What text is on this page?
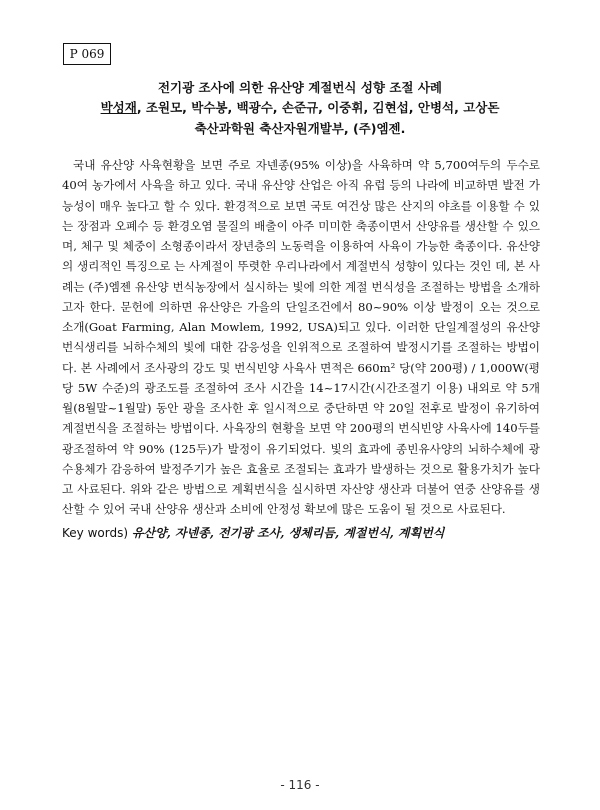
P 069
전기광 조사에 의한 유산양 계절번식 성향 조절 사례
박성재, 조원모, 박수봉, 백광수, 손준규, 이중휘, 김현섭, 안병석, 고상돈
축산과학원 축산자원개발부, (주)엠젠.

국내 유산양 사육현황을 보면 주로 자넨종(95% 이상)을 사육하며 약 5,700여두의 두수로 40여 농가에서 사육을 하고 있다. 국내 유산양 산업은 아직 유럽 등의 나라에 비교하면 발전 가능성이 매우 높다고 할 수 있다. 환경적으로 보면 국토 여건상 많은 산지의 야초를 이용할 수 있는 장점과 오폐수 등 환경오염 물질의 배출이 아주 미미한 축종이면서 산양유를 생산할 수 있으며, 체구 및 체중이 소형종이라서 장년층의 노동력을 이용하여 사육이 가능한 축종이다. 유산양의 생리적인 특징으로 는 사계절이 뚜렷한 우리나라에서 계절번식 성향이 있다는 것인 데, 본 사례는 (주)엠젠 유산양 번식농장에서 실시하는 빛에 의한 계절 번식성을 조절하는 방법을 소개하고자 한다. 문헌에 의하면 유산양은 가을의 단일조건에서 80~90% 이상 발정이 오는 것으로 소개(Goat Farming, Alan Mowlem, 1992, USA)되고 있다. 이러한 단일계절성의 유산양 번식생리를 뇌하수체의 빛에 대한 감응성을 인위적으로 조절하여 발정시기를 조절하는 방법이다. 본 사례에서 조사광의 강도 및 번식빈양 사육사 면적은 660m² 당(약 200평) / 1,000W(평당 5W 수준)의 광조도를 조절하여 조사 시간을 14~17시간(시간조절기 이용) 내외로 약 5개월(8월말~1월말) 동안 광을 조사한 후 일시적으로 중단하면 약 20일 전후로 발정이 유기하여 계절번식을 조절하는 방법이다. 사육장의 현황을 보면 약 200평의 번식빈양 사육사에 140두를 광조절하여 약 90% (125두)가 발정이 유기되었다. 빛의 효과에 종빈유사양의 뇌하수체에 광수용체가 감응하여 발정주기가 높은 효율로 조절되는 효과가 발생하는 것으로 활용가치가 높다고 사료된다. 위와 같은 방법으로 계획번식을 실시하면 자산양 생산과 더불어 연중 산양유를 생산할 수 있어 국내 산양유 생산과 소비에 안정성 확보에 많은 도움이 될 것으로 사료된다.

Key words) 유산양, 자넨종, 전기광 조사, 생체리듬, 계절번식, 계획번식
- 116 -
